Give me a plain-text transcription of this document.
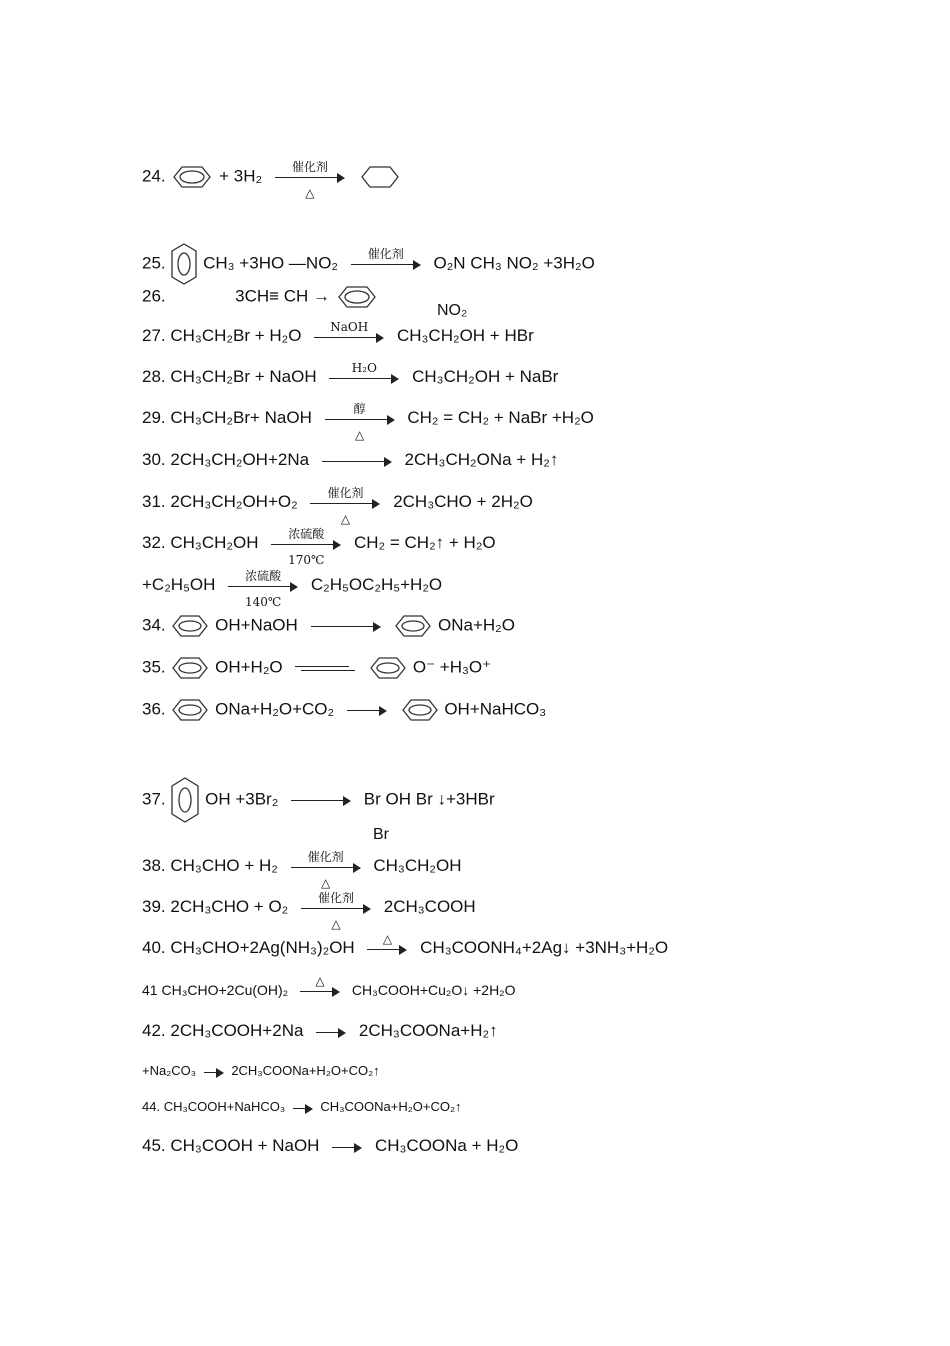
24.	+ 3H₂	催化剂
△

25. CH₃ +3HO —NO₂	催化剂	O₂N CH₃ NO₂ +3H₂O
NO₂
26.	3CH≡ CH →
27. CH₃CH₂Br + H₂O	NaOH	CH₃CH₂OH + HBr
28. CH₃CH₂Br + NaOH	H₂O	CH₃CH₂OH + NaBr
29. CH₃CH₂Br+ NaOH	醇
△
CH₂ = CH₂ + NaBr +H₂O
30. 2CH₃CH₂OH+2Na	2CH₃CH₂ONa + H₂↑
31. 2CH₃CH₂OH+O₂	催化剂
△
2CH₃CHO + 2H₂O
32. CH₃CH₂OH	浓硫酸
170℃
CH₂ = CH₂↑ + H₂O
+C₂H₅OH	浓硫酸
140℃
C₂H₅OC₂H₅+H₂O
34.	OH+NaOH	ONa+H₂O
35.	OH+H₂O	O⁻ +H₃O⁺
36.	ONa+H₂O+CO₂	OH+NaHCO₃
37. OH +3Br₂	Br OH Br ↓+3HBr
Br
38. CH₃CHO + H₂	催化剂
△
CH₃CH₂OH
39. 2CH₃CHO + O₂	催化剂
△
2CH₃COOH
40. CH₃CHO+2Ag(NH₃)₂OH	△	CH₃COONH₄+2Ag↓ +3NH₃+H₂O
41 CH₃CHO+2Cu(OH)₂
△
CH₃COOH+Cu₂O↓ +2H₂O
42. 2CH₃COOH+2Na	2CH₃COONa+H₂↑
+Na₂CO₃	2CH₃COONa+H₂O+CO₂↑
44. CH₃COOH+NaHCO₃	CH₃COONa+H₂O+CO₂↑
45. CH₃COOH + NaOH	CH₃COONa + H₂O
